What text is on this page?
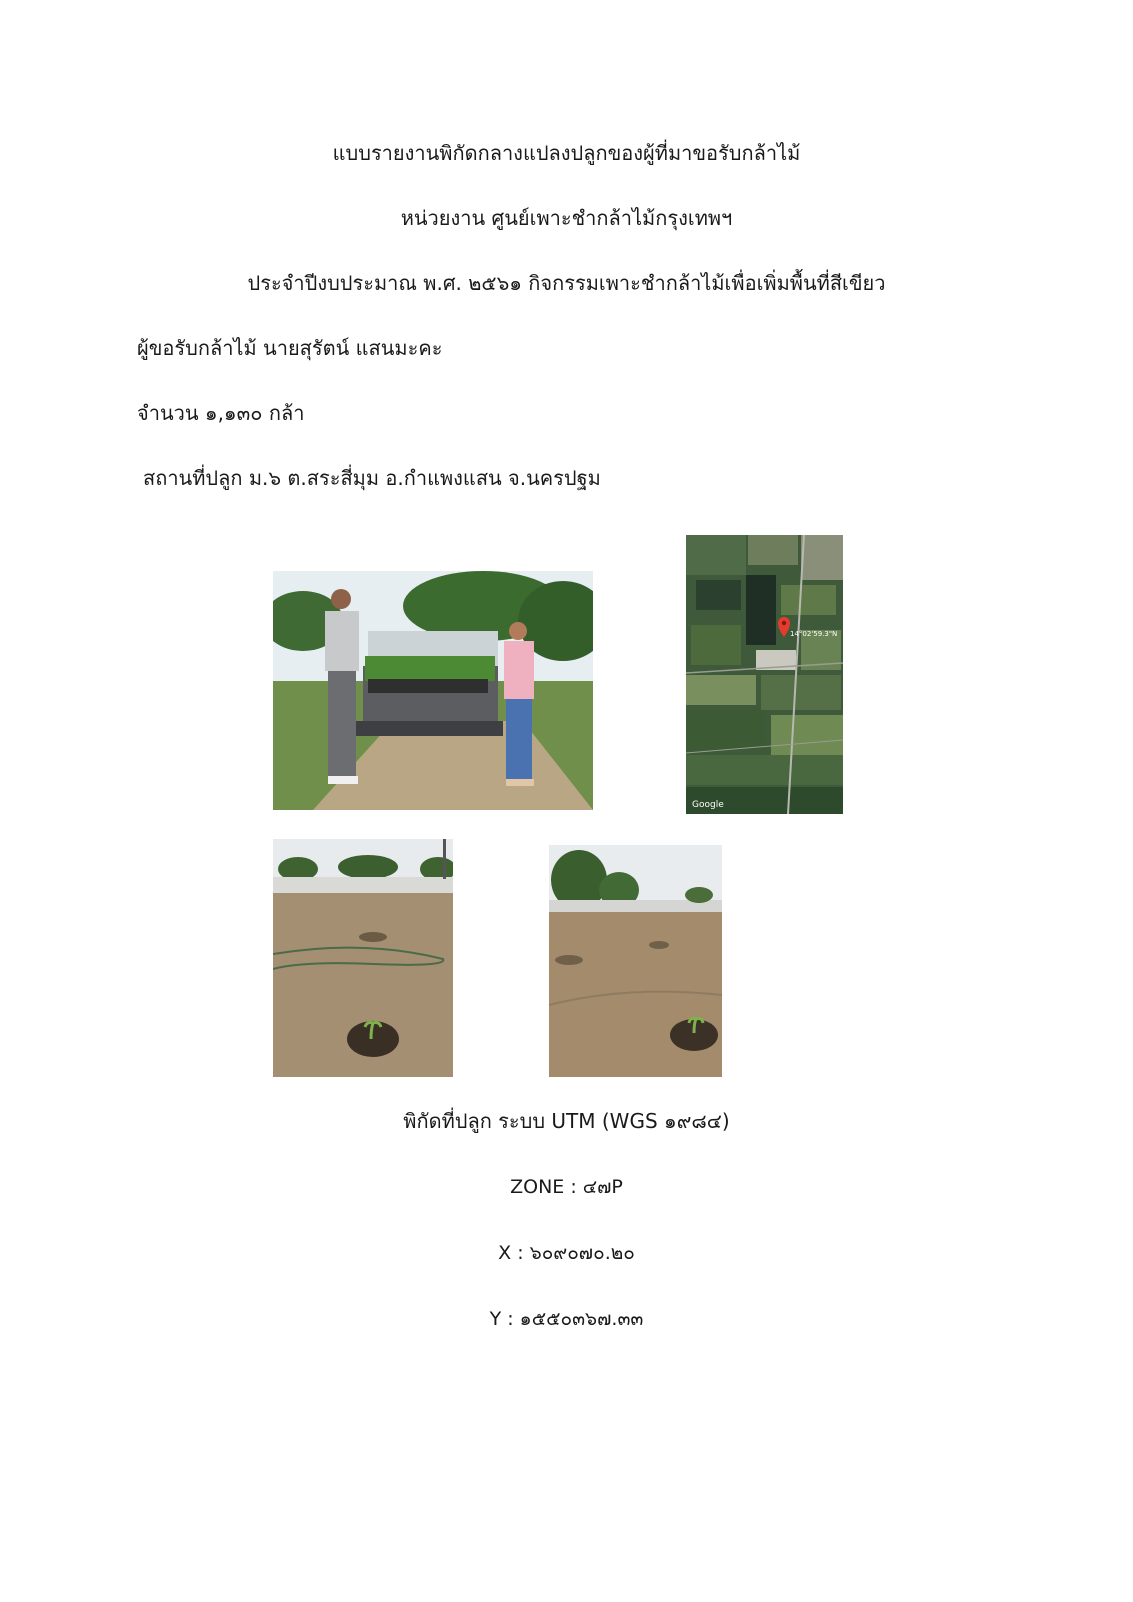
แบบรายงานพิกัดกลางแปลงปลูกของผู้ที่มาขอรับกล้าไม้
หน่วยงาน ศูนย์เพาะชำกล้าไม้กรุงเทพฯ
ประจำปีงบประมาณ พ.ศ. ๒๕๖๑ กิจกรรมเพาะชำกล้าไม้เพื่อเพิ่มพื้นที่สีเขียว
ผู้ขอรับกล้าไม้ นายสุรัตน์ แสนมะคะ
จำนวน ๑,๑๓๐ กล้า
สถานที่ปลูก ม.๖ ต.สระสี่มุม อ.กำแพงแสน จ.นครปฐม
14°02'59.3"N
Google
พิกัดที่ปลูก ระบบ UTM (WGS ๑๙๘๔)
ZONE : ๔๗P
X : ๖๐๙๐๗๐.๒๐
Y : ๑๕๕๐๓๖๗.๓๓
